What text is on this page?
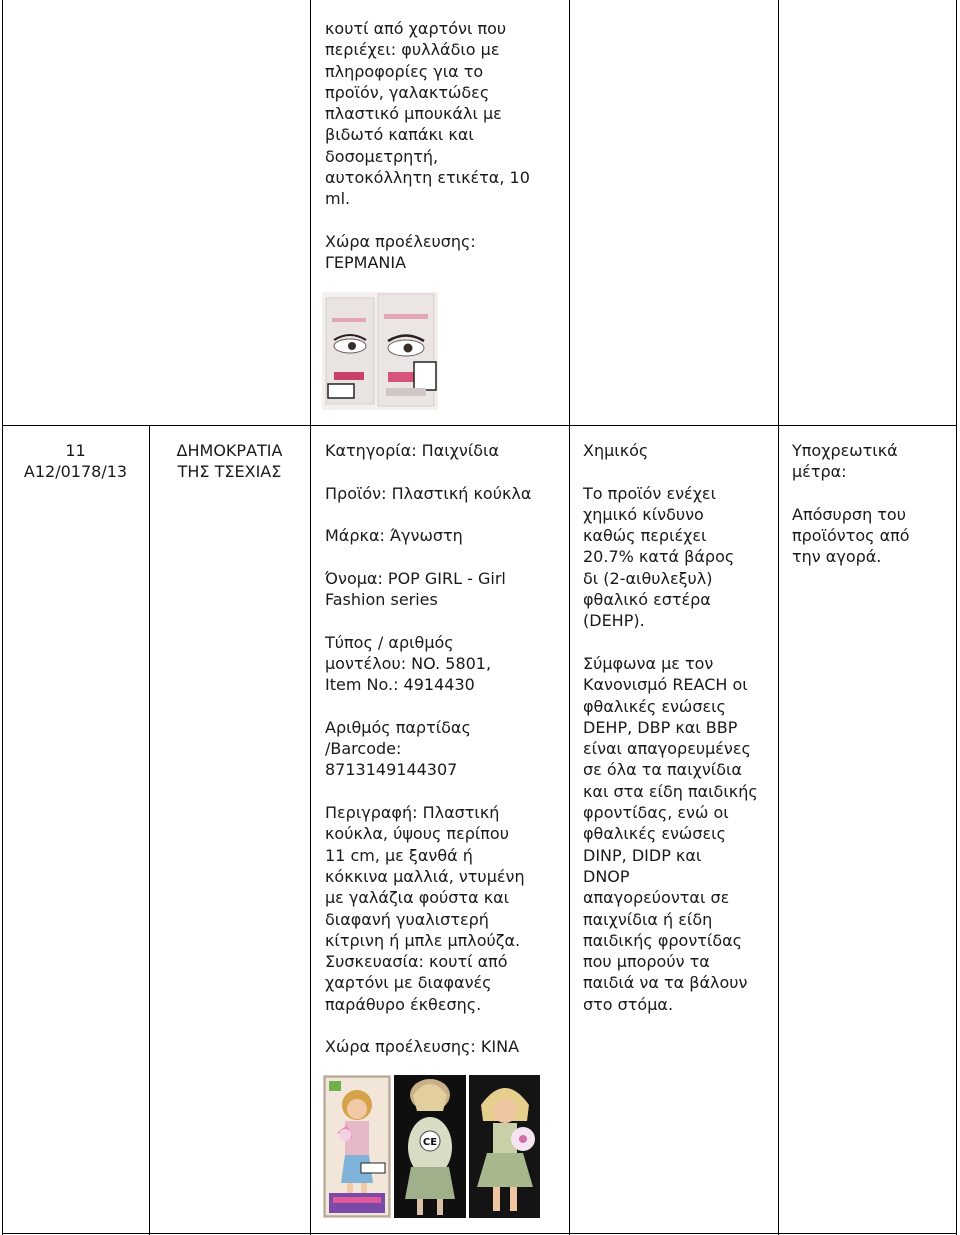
κουτί από χαρτόνι που
περιέχει: φυλλάδιο με
πληροφορίες για το
προϊόν, γαλακτώδες
πλαστικό μπουκάλι με
βιδωτό καπάκι και
δοσομετρητή,
αυτοκόλλητη ετικέτα, 10
ml.

Χώρα προέλευσης:
ΓΕΡΜΑΝΙΑ

11

A12/0178/13

ΔΗΜΟΚΡΑΤΙΑ
ΤΗΣ ΤΣΕΧΙΑΣ

Κατηγορία: Παιχνίδια

Προϊόν: Πλαστική κούκλα

Μάρκα: Άγνωστη

Όνομα: POP GIRL - Girl
Fashion series

Τύπος / αριθμός
μοντέλου: NO. 5801,
Item No.: 4914430

Αριθμός παρτίδας
/Barcode:
8713149144307

Περιγραφή: Πλαστική
κούκλα, ύψους περίπου
11 cm, με ξανθά ή
κόκκινα μαλλιά, ντυμένη
με γαλάζια φούστα και
διαφανή γυαλιστερή
κίτρινη ή μπλε μπλούζα.
Συσκευασία: κουτί από
χαρτόνι με διαφανές
παράθυρο έκθεσης.

Χώρα προέλευσης: ΚΙΝΑ

Χημικός

Το προϊόν ενέχει
χημικό κίνδυνο
καθώς περιέχει
20.7% κατά βάρος
δι (2-αιθυλεξυλ)
φθαλικό εστέρα
(DEHP).

Σύμφωνα με τον
Κανονισμό REACH οι
φθαλικές ενώσεις
DEHP, DBP και BBP
είναι απαγορευμένες
σε όλα τα παιχνίδια
και στα είδη παιδικής
φροντίδας, ενώ οι
φθαλικές ενώσεις
DINP, DIDP και
DNOP
απαγορεύονται σε
παιχνίδια ή είδη
παιδικής φροντίδας
που μπορούν τα
παιδιά να τα βάλουν
στο στόμα.

Υποχρεωτικά
μέτρα:

Απόσυρση του
προϊόντος από
την αγορά.

CE
